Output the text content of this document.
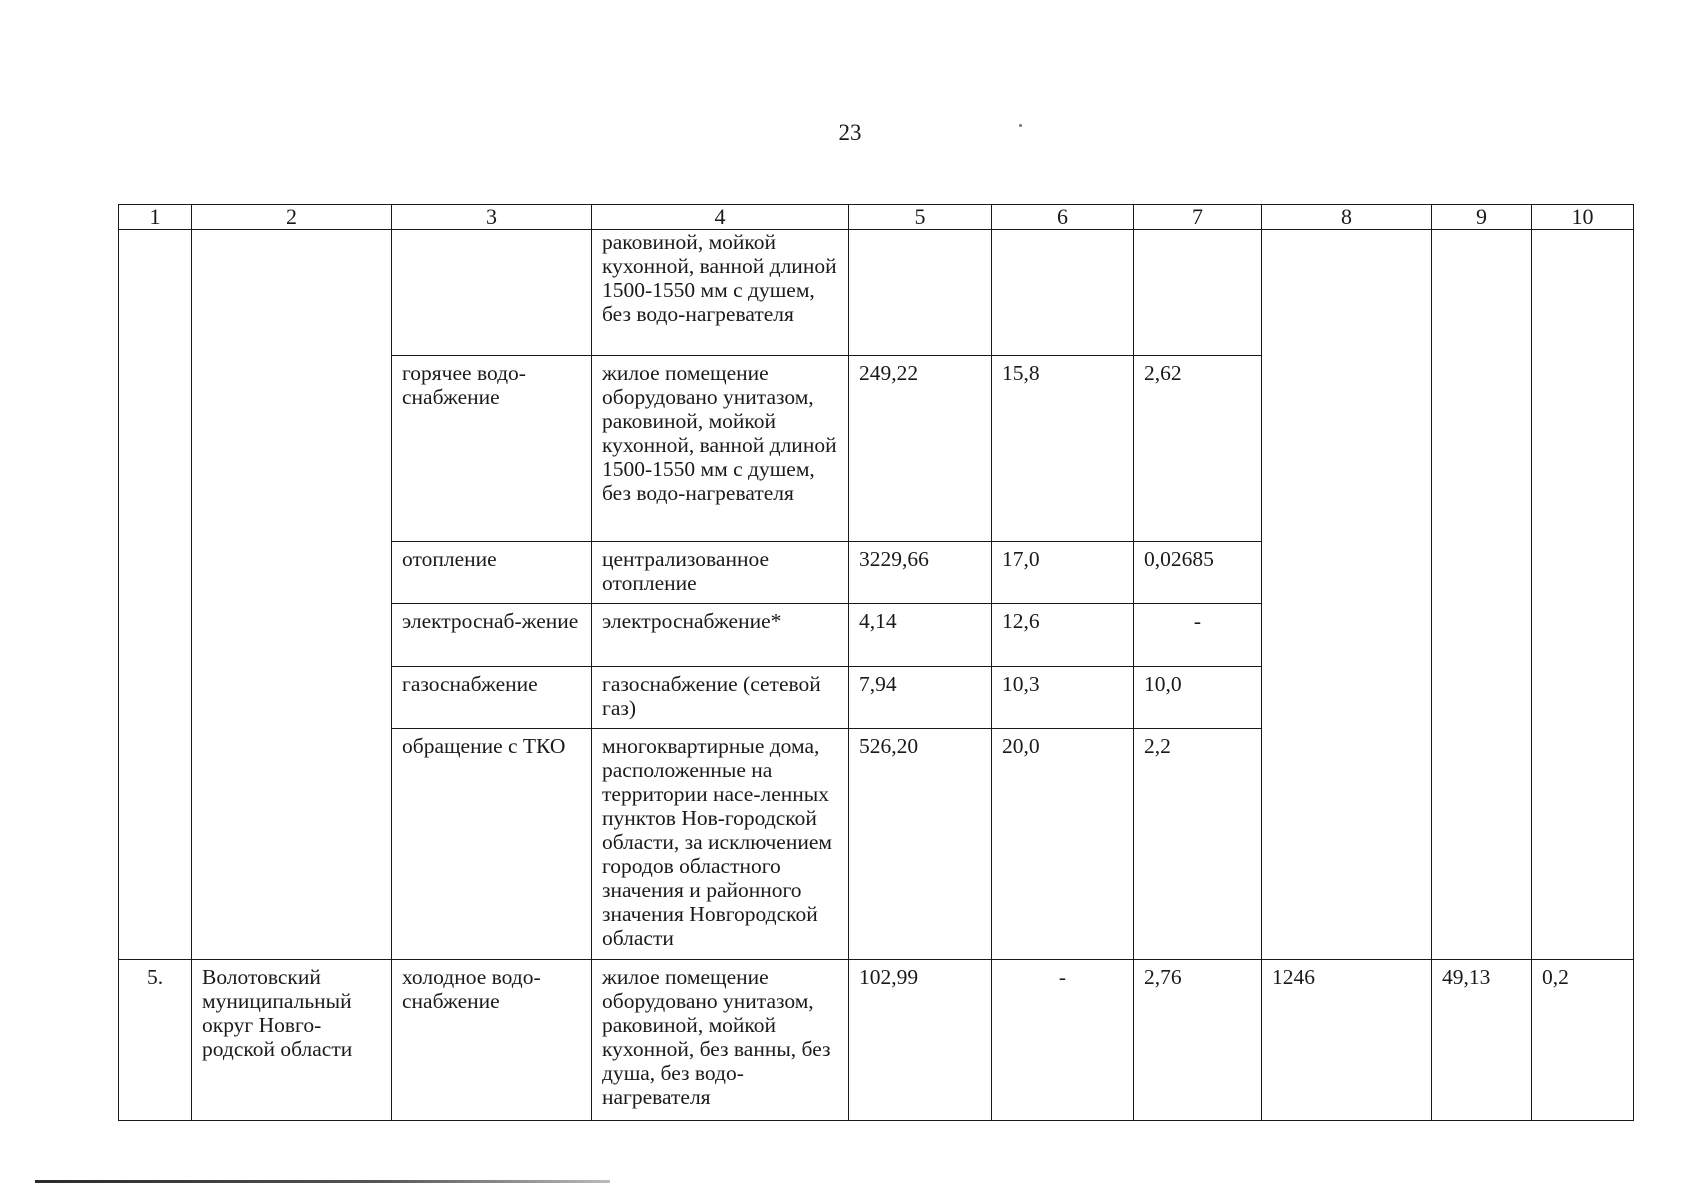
23
1	2	3	4	5	6	7	8	9	10
			раковиной, мойкой кухонной, ванной длиной 1500-1550 мм с душем, без водо-нагревателя						
		горячее водо-снабжение	жилое помещение оборудовано унитазом, раковиной, мойкой кухонной, ванной длиной 1500-1550 мм с душем, без водо-нагревателя	249,22	15,8	2,62			
		отопление	централизованное отопление	3229,66	17,0	0,02685			
		электроснаб-жение	электроснабжение*	4,14	12,6	-			
		газоснабжение	газоснабжение (сетевой газ)	7,94	10,3	10,0			
		обращение с ТКО	многоквартирные дома, расположенные на территории насе-ленных пунктов Нов-городской области, за исключением городов областного значения и районного значения Новгородской области	526,20	20,0	2,2			
5.	Волотовский муниципальный округ Новго-родской области	холодное водо-снабжение	жилое помещение оборудовано унитазом, раковиной, мойкой кухонной, без ванны, без душа, без водо-нагревателя	102,99	-	2,76	1246	49,13	0,2
